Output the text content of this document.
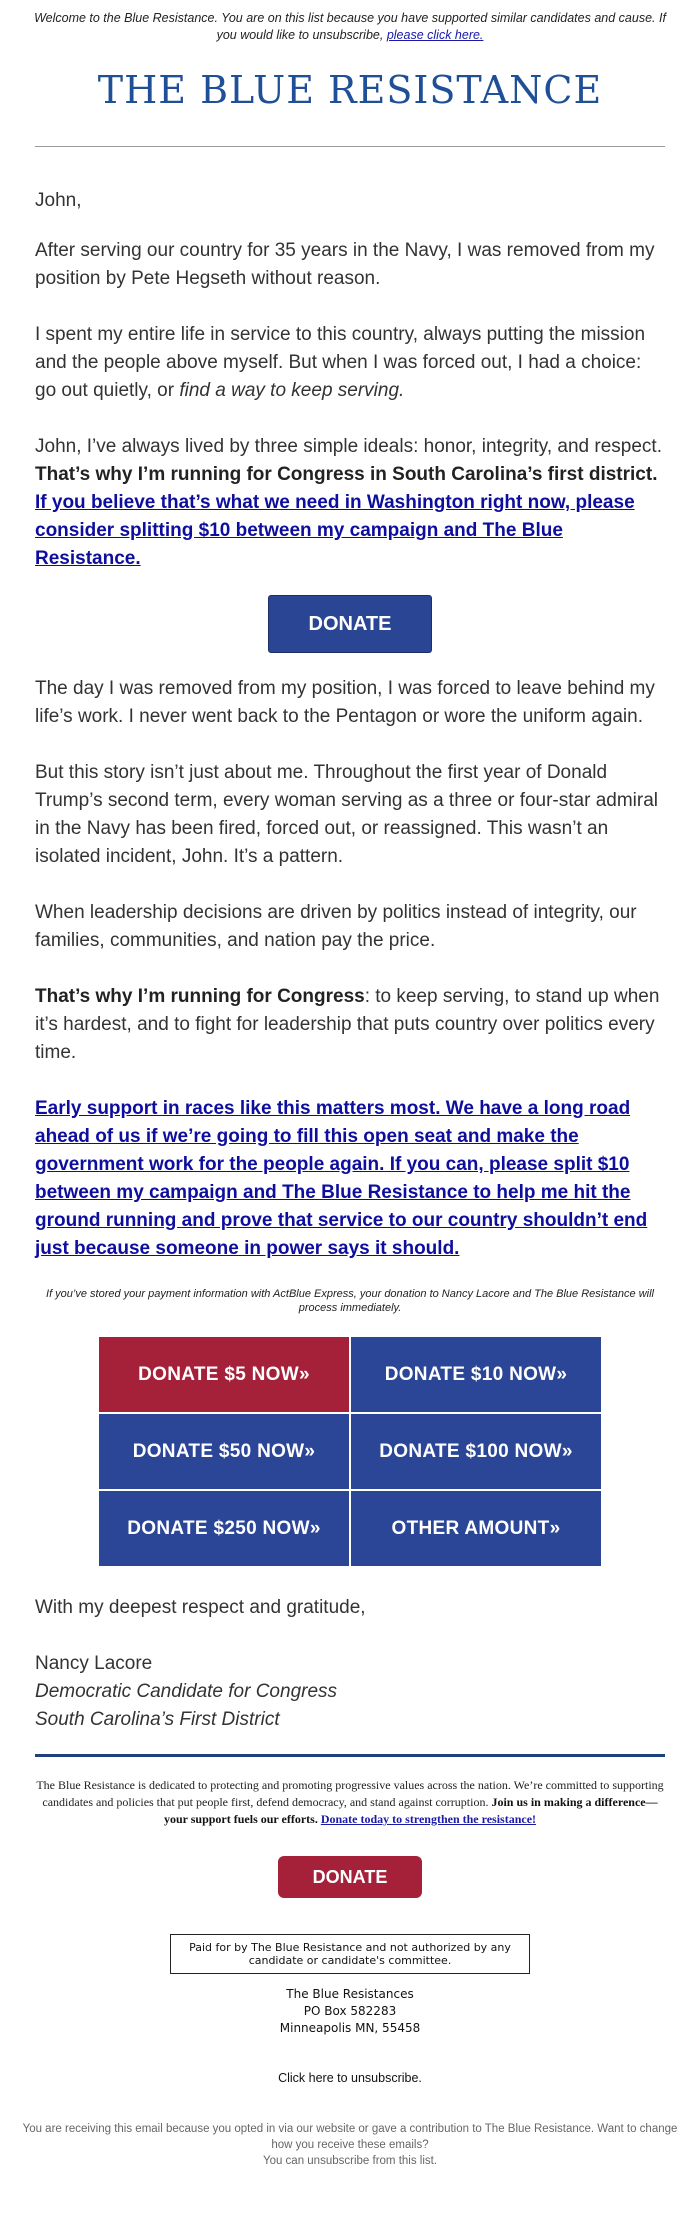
Welcome to the Blue Resistance. You are on this list because you have supported similar candidates and cause. If you would like to unsubscribe, please click here.
THE BLUE RESISTANCE

John,

After serving our country for 35 years in the Navy, I was removed from my position by Pete Hegseth without reason.

I spent my entire life in service to this country, always putting the mission and the people above myself. But when I was forced out, I had a choice: go out quietly, or find a way to keep serving.

John, I’ve always lived by three simple ideals: honor, integrity, and respect. That’s why I’m running for Congress in South Carolina’s first district. If you believe that’s what we need in Washington right now, please consider splitting $10 between my campaign and The Blue Resistance.

DONATE

The day I was removed from my position, I was forced to leave behind my life’s work. I never went back to the Pentagon or wore the uniform again.

But this story isn’t just about me. Throughout the first year of Donald Trump’s second term, every woman serving as a three or four-star admiral in the Navy has been fired, forced out, or reassigned. This wasn’t an isolated incident, John. It’s a pattern.

When leadership decisions are driven by politics instead of integrity, our families, communities, and nation pay the price.

That’s why I’m running for Congress: to keep serving, to stand up when it’s hardest, and to fight for leadership that puts country over politics every time.

Early support in races like this matters most. We have a long road ahead of us if we’re going to fill this open seat and make the government work for the people again. If you can, please split $10 between my campaign and The Blue Resistance to help me hit the ground running and prove that service to our country shouldn’t end just because someone in power says it should.

If you’ve stored your payment information with ActBlue Express, your donation to Nancy Lacore and The Blue Resistance will process immediately.
DONATE $5 NOW»	DONATE $10 NOW»
DONATE $50 NOW»	DONATE $100 NOW»
DONATE $250 NOW»	OTHER AMOUNT»

With my deepest respect and gratitude,

Nancy Lacore

Democratic Candidate for Congress

South Carolina’s First District

The Blue Resistance is dedicated to protecting and promoting progressive values across the nation. We’re committed to supporting candidates and policies that put people first, defend democracy, and stand against corruption. Join us in making a difference—your support fuels our efforts. Donate today to strengthen the resistance!
DONATE
Paid for by The Blue Resistance and not authorized by any candidate or candidate's committee.
The Blue Resistances
PO Box 582283
Minneapolis MN, 55458
Click here to unsubscribe.
You are receiving this email because you opted in via our website or gave a contribution to The Blue Resistance. Want to change how you receive these emails?
You can unsubscribe from this list.
